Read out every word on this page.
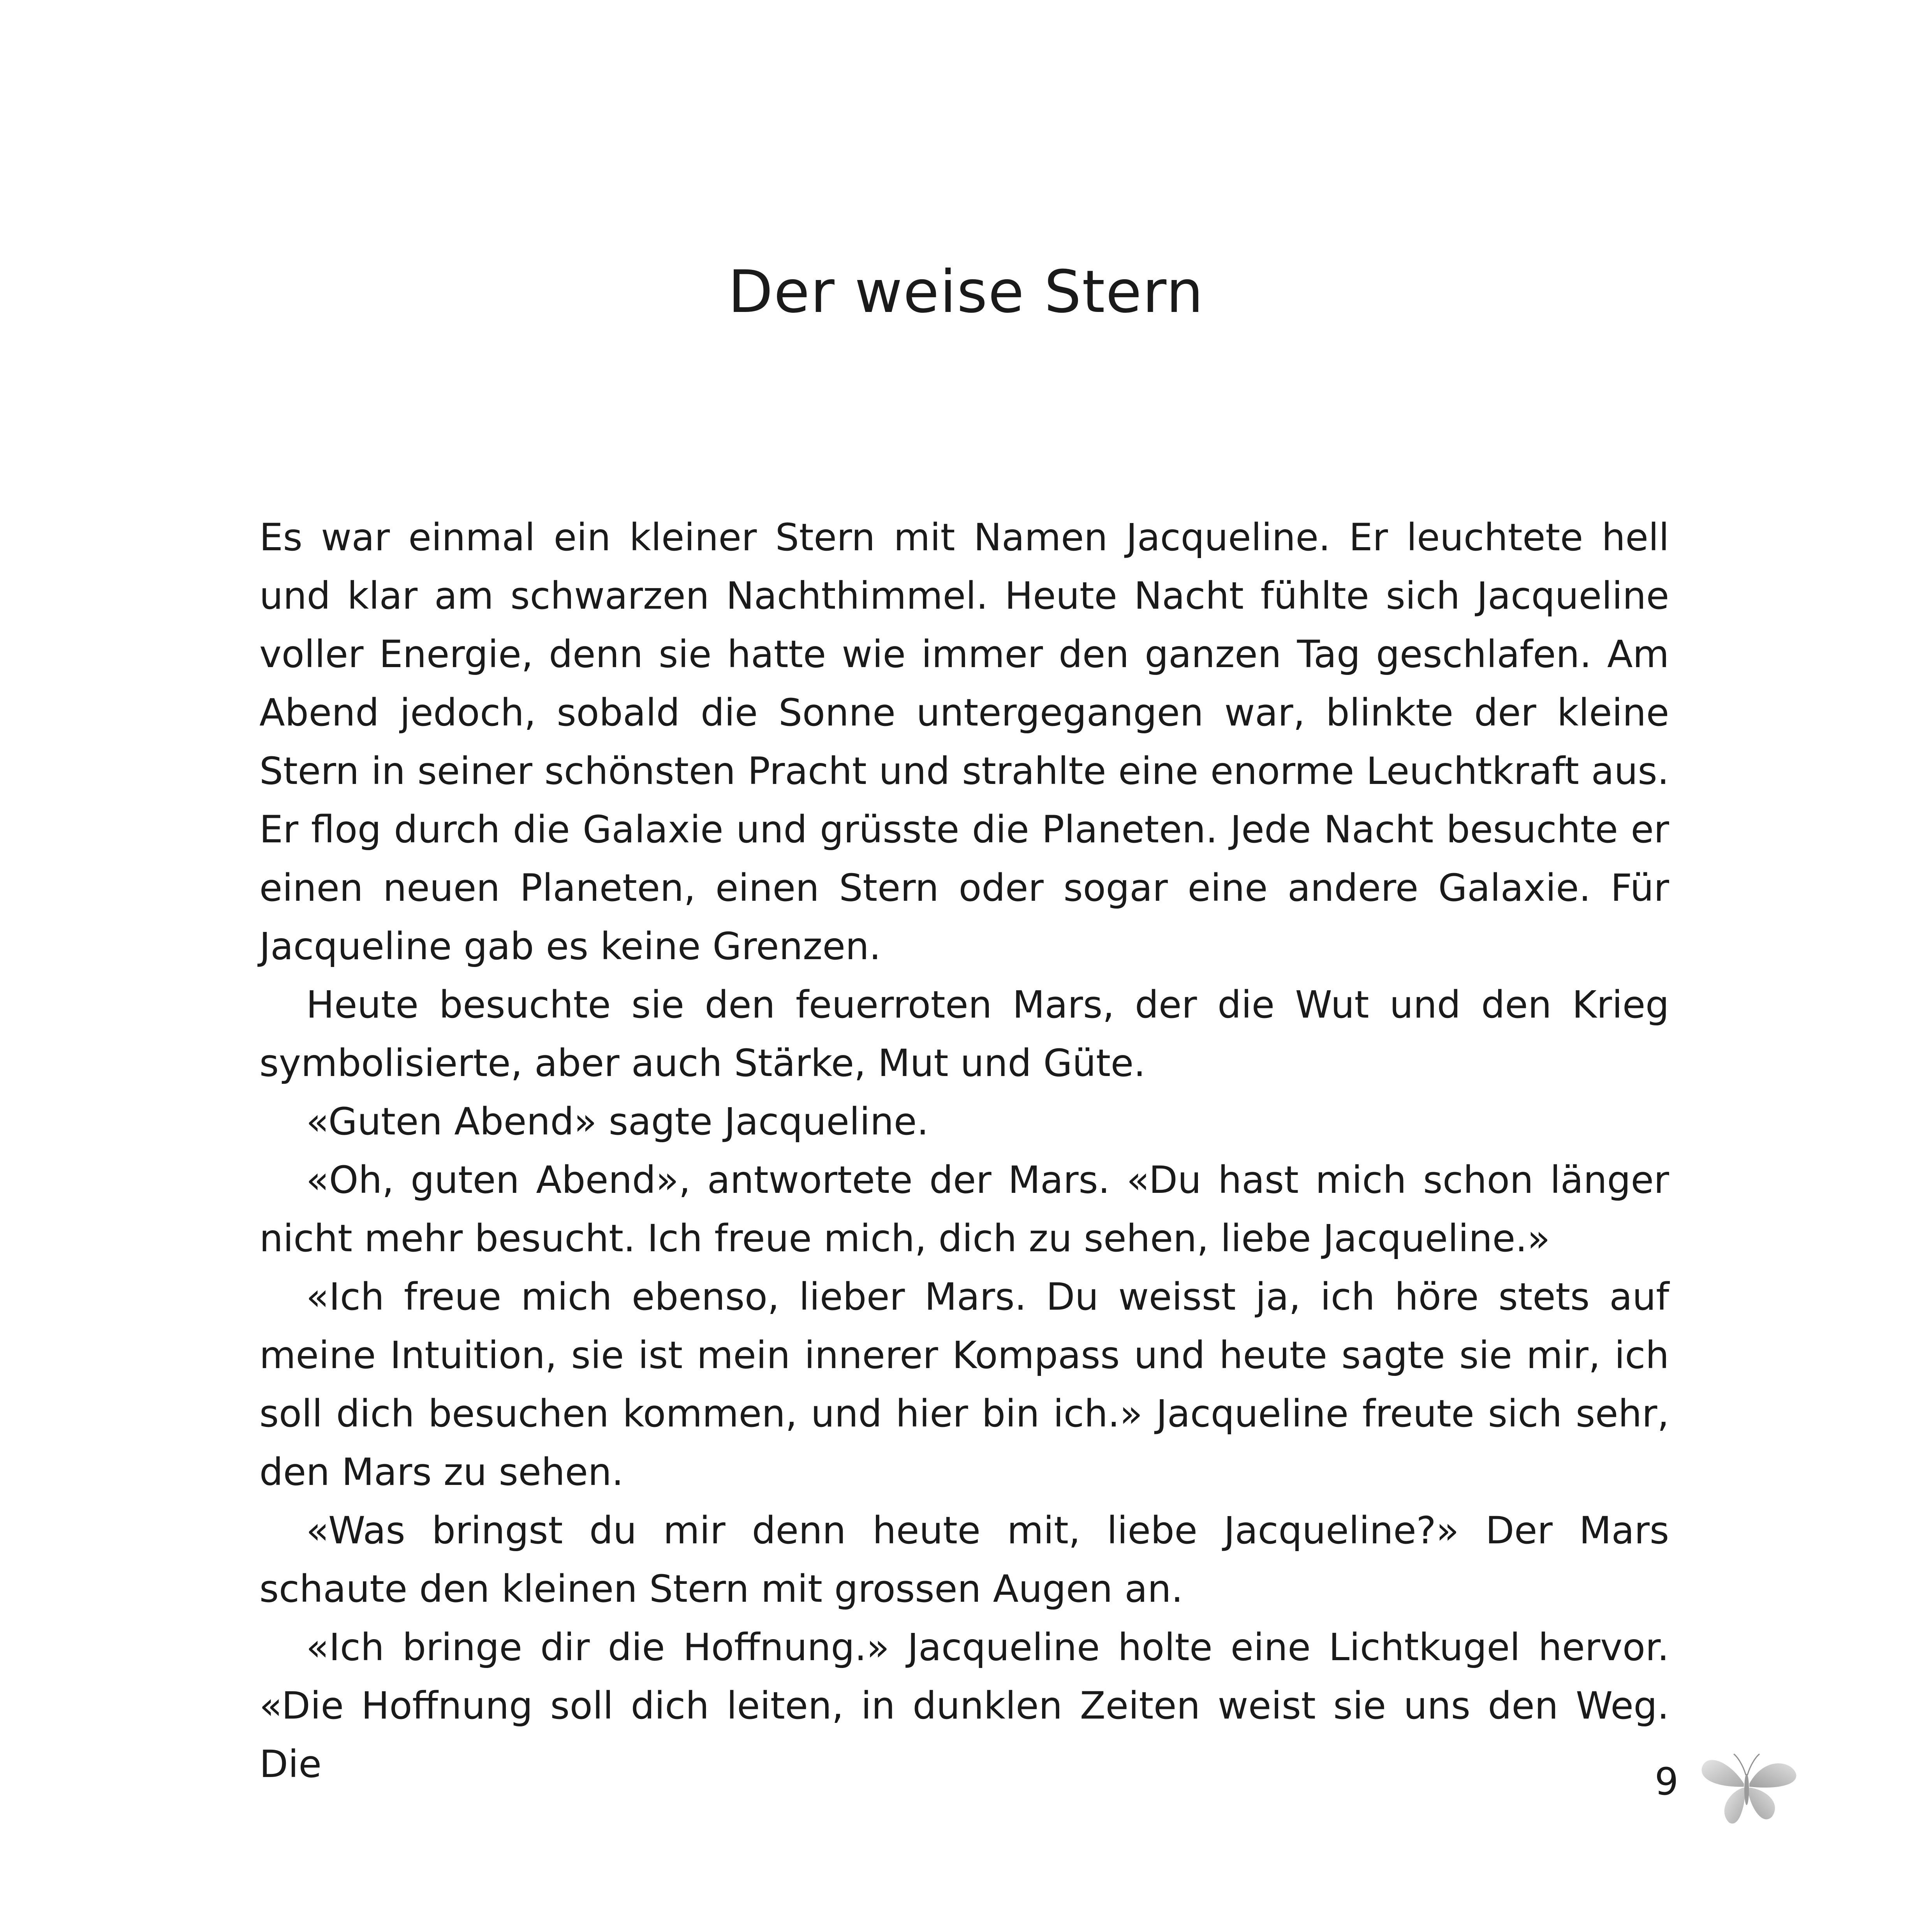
Der weise Stern

Es war einmal ein kleiner Stern mit Namen Jacqueline. Er leuchtete hell und klar am schwarzen Nachthimmel. Heute Nacht fühlte sich Jacqueline voller Energie, denn sie hatte wie immer den ganzen Tag geschlafen. Am Abend jedoch, sobald die Sonne untergegangen war, blinkte der kleine Stern in seiner schönsten Pracht und strahlte eine enorme Leuchtkraft aus. Er flog durch die Galaxie und grüsste die Planeten. Jede Nacht besuchte er einen neuen Planeten, einen Stern oder sogar eine andere Galaxie. Für Jacqueline gab es keine Grenzen.

Heute besuchte sie den feuerroten Mars, der die Wut und den Krieg symbolisierte, aber auch Stärke, Mut und Güte.

«Guten Abend» sagte Jacqueline.

«Oh, guten Abend», antwortete der Mars. «Du hast mich schon länger nicht mehr besucht. Ich freue mich, dich zu sehen, liebe Jacqueline.»

«Ich freue mich ebenso, lieber Mars. Du weisst ja, ich höre stets auf meine Intuition, sie ist mein innerer Kompass und heute sagte sie mir, ich soll dich besuchen kommen, und hier bin ich.» Jacqueline freute sich sehr, den Mars zu sehen.

«Was bringst du mir denn heute mit, liebe Jacqueline?» Der Mars schaute den kleinen Stern mit grossen Augen an.

«Ich bringe dir die Hoffnung.» Jacqueline holte eine Lichtkugel hervor. «Die Hoffnung soll dich leiten, in dunklen Zeiten weist sie uns den Weg. Die	9
